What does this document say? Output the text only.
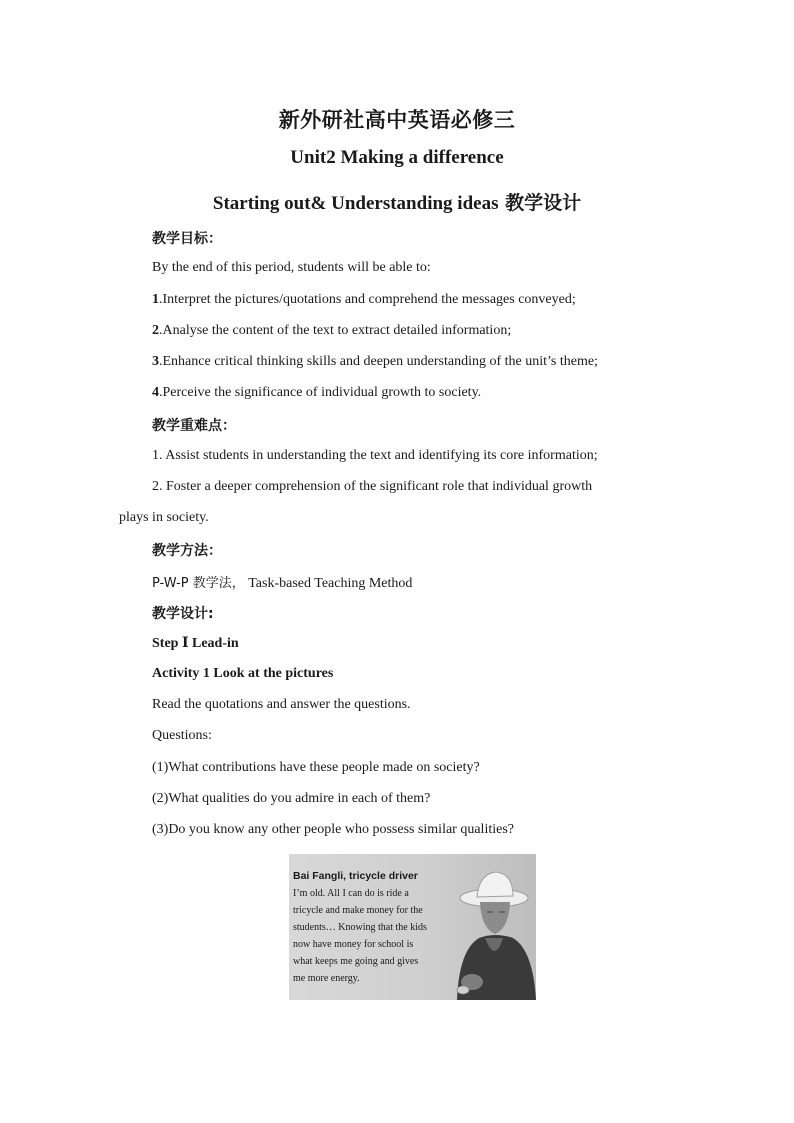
新外研社高中英语必修三
Unit2 Making a difference
Starting out& Understanding ideas 教学设计
教学目标：
By the end of this period, students will be able to:
1.Interpret the pictures/quotations and comprehend the messages conveyed;
2.Analyse the content of the text to extract detailed information;
3.Enhance critical thinking skills and deepen understanding of the unit’s theme;
4.Perceive the significance of individual growth to society.
教学重难点：
1. Assist students in understanding the text and identifying its core information;
2. Foster a deeper comprehension of the significant role that individual growth
plays in society.
教学方法：
P-W-P 教学法， Task-based Teaching Method
教学设计:
Step Ⅰ Lead-in
Activity 1 Look at the pictures
Read the quotations and answer the questions.
Questions:
(1)What contributions have these people made on society?
(2)What qualities do you admire in each of them?
(3)Do you know any other people who possess similar qualities?
Bai Fangli, tricycle driver
I’m old. All I can do is ride a
tricycle and make money for the
students… Knowing that the kids
now have money for school is
what keeps me going and gives
me more energy.
